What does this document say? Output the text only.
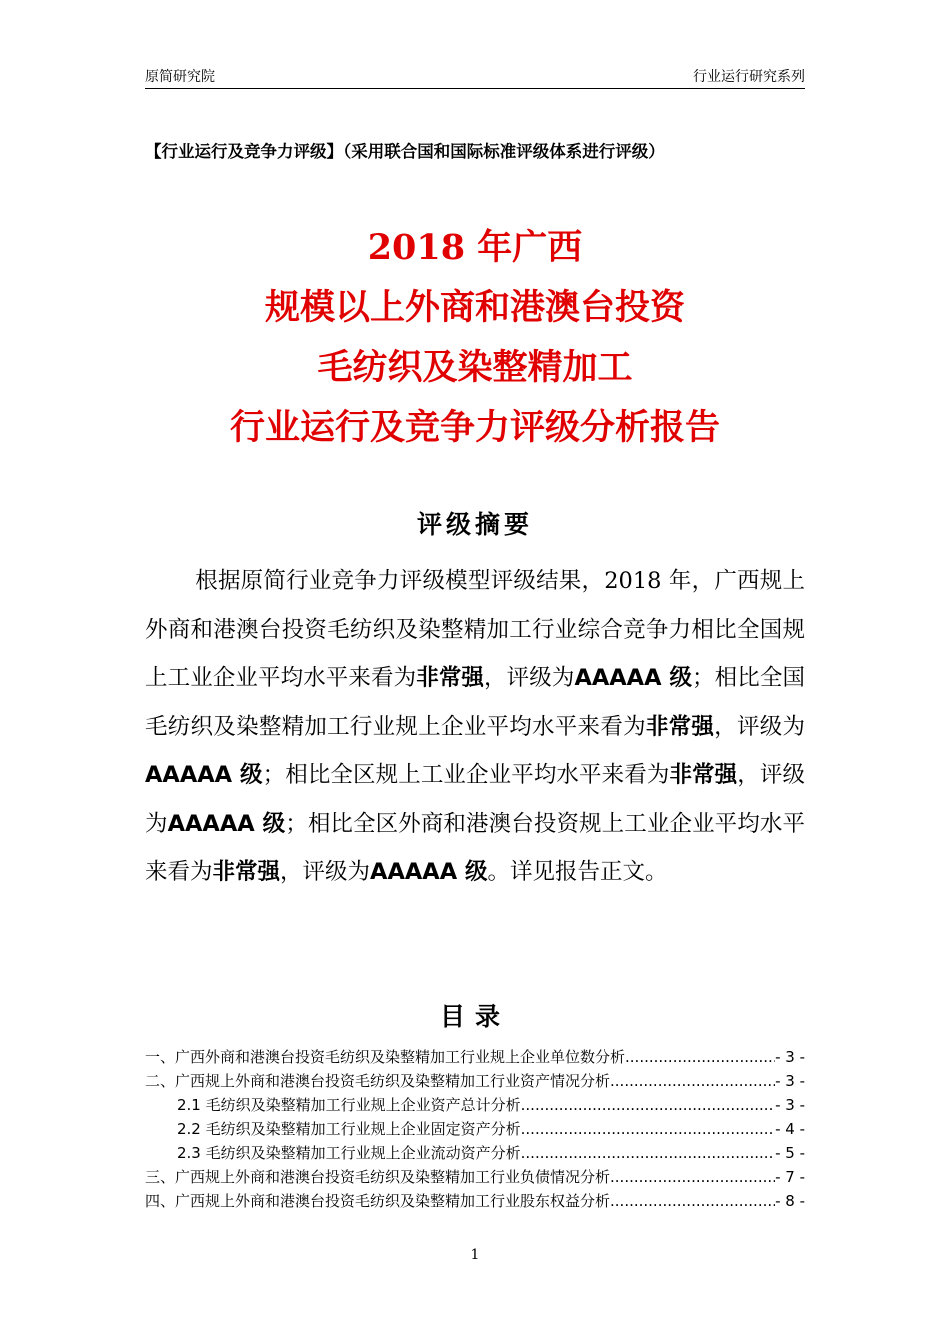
原简研究院	行业运行研究系列
【行业运行及竞争力评级】（采用联合国和国际标准评级体系进行评级）
2018 年广西
规模以上外商和港澳台投资
毛纺织及染整精加工
行业运行及竞争力评级分析报告
评级摘要
根据原简行业竞争力评级模型评级结果，2018 年，广西规上外商和港澳台投资毛纺织及染整精加工行业综合竞争力相比全国规上工业企业平均水平来看为非常强，评级为AAAAA 级；相比全国毛纺织及染整精加工行业规上企业平均水平来看为非常强，评级为AAAAA 级；相比全区规上工业企业平均水平来看为非常强，评级为AAAAA 级；相比全区外商和港澳台投资规上工业企业平均水平来看为非常强，评级为AAAAA 级。详见报告正文。
目录
一、广西外商和港澳台投资毛纺织及染整精加工行业规上企业单位数分析 .....	- 3 -
二、广西规上外商和港澳台投资毛纺织及染整精加工行业资产情况分析 .....	- 3 -
2.1 毛纺织及染整精加工行业规上企业资产总计分析 .....	- 3 -
2.2 毛纺织及染整精加工行业规上企业固定资产分析 .....	- 4 -
2.3 毛纺织及染整精加工行业规上企业流动资产分析 .....	- 5 -
三、广西规上外商和港澳台投资毛纺织及染整精加工行业负债情况分析 .....	- 7 -
四、广西规上外商和港澳台投资毛纺织及染整精加工行业股东权益分析 .....	- 8 -
1
